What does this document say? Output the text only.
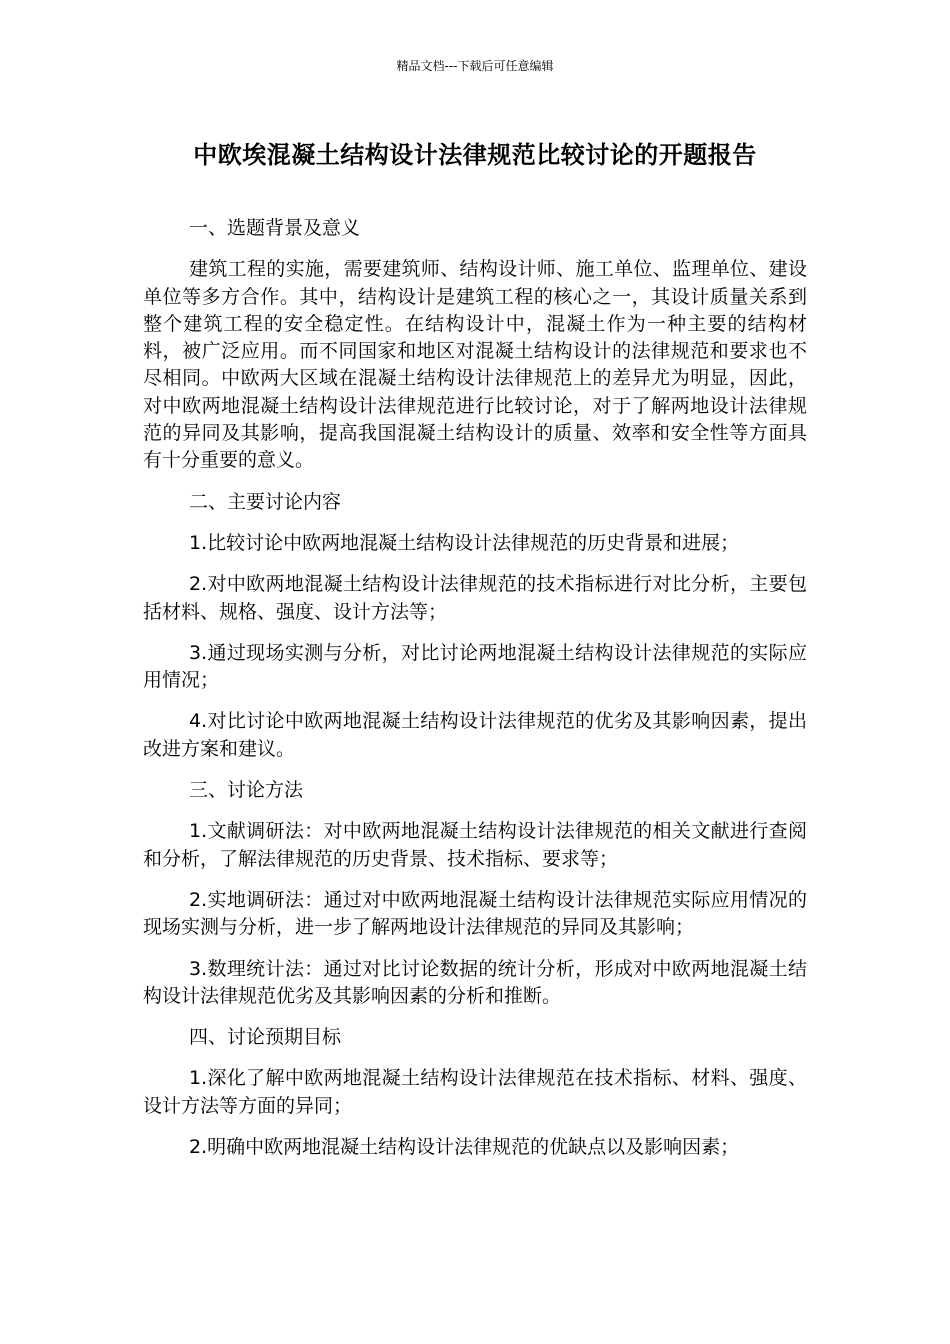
精品文档---下载后可任意编辑
中欧埃混凝土结构设计法律规范比较讨论的开题报告

一、选题背景及意义

建筑工程的实施，需要建筑师、结构设计师、施工单位、监理单位、建设单位等多方合作。其中，结构设计是建筑工程的核心之一，其设计质量关系到整个建筑工程的安全稳定性。在结构设计中，混凝土作为一种主要的结构材料，被广泛应用。而不同国家和地区对混凝土结构设计的法律规范和要求也不尽相同。中欧两大区域在混凝土结构设计法律规范上的差异尤为明显，因此，对中欧两地混凝土结构设计法律规范进行比较讨论，对于了解两地设计法律规范的异同及其影响，提高我国混凝土结构设计的质量、效率和安全性等方面具有十分重要的意义。

二、主要讨论内容

1.比较讨论中欧两地混凝土结构设计法律规范的历史背景和进展；

2.对中欧两地混凝土结构设计法律规范的技术指标进行对比分析，主要包括材料、规格、强度、设计方法等；

3.通过现场实测与分析，对比讨论两地混凝土结构设计法律规范的实际应用情况；

4.对比讨论中欧两地混凝土结构设计法律规范的优劣及其影响因素，提出改进方案和建议。

三、讨论方法

1.文献调研法：对中欧两地混凝土结构设计法律规范的相关文献进行查阅和分析，了解法律规范的历史背景、技术指标、要求等；

2.实地调研法：通过对中欧两地混凝土结构设计法律规范实际应用情况的现场实测与分析，进一步了解两地设计法律规范的异同及其影响；

3.数理统计法：通过对比讨论数据的统计分析，形成对中欧两地混凝土结构设计法律规范优劣及其影响因素的分析和推断。

四、讨论预期目标

1.深化了解中欧两地混凝土结构设计法律规范在技术指标、材料、强度、设计方法等方面的异同；

2.明确中欧两地混凝土结构设计法律规范的优缺点以及影响因素；
